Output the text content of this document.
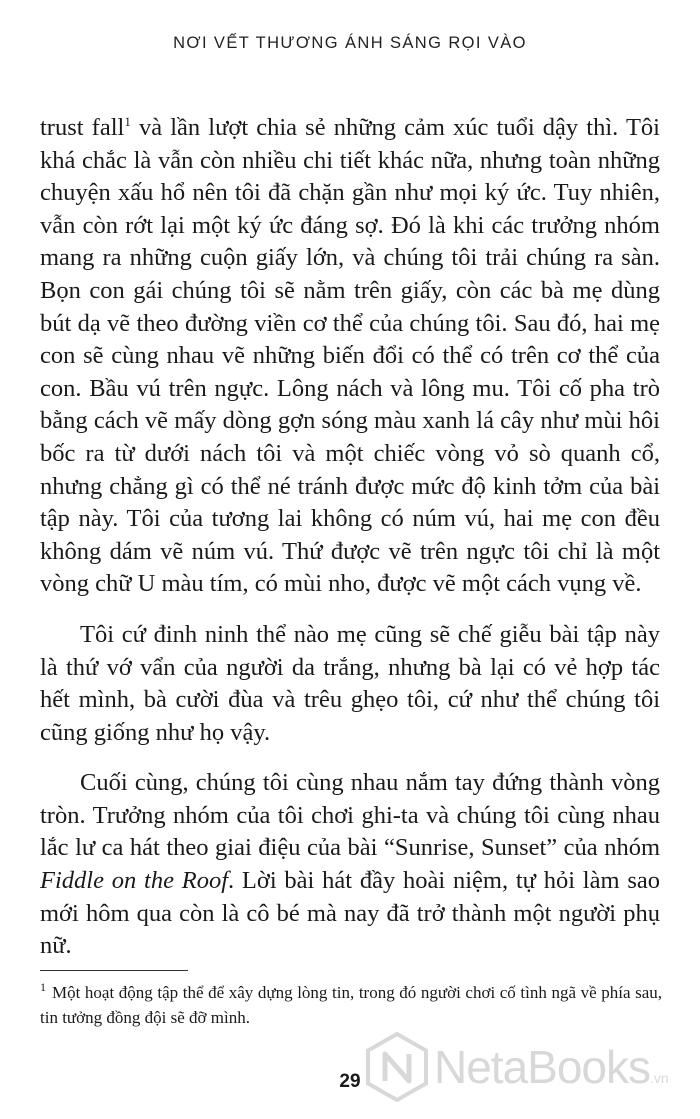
NƠI VẾT THƯƠNG ÁNH SÁNG RỌI VÀO

trust fall$^1$ và lần lượt chia sẻ những cảm xúc tuổi dậy thì. Tôi khá chắc là vẫn còn nhiều chi tiết khác nữa, nhưng toàn những chuyện xấu hổ nên tôi đã chặn gần như mọi ký ức. Tuy nhiên, vẫn còn rớt lại một ký ức đáng sợ. Đó là khi các trưởng nhóm mang ra những cuộn giấy lớn, và chúng tôi trải chúng ra sàn. Bọn con gái chúng tôi sẽ nằm trên giấy, còn các bà mẹ dùng bút dạ vẽ theo đường viền cơ thể của chúng tôi. Sau đó, hai mẹ con sẽ cùng nhau vẽ những biến đổi có thể có trên cơ thể của con. Bầu vú trên ngực. Lông nách và lông mu. Tôi cố pha trò bằng cách vẽ mấy dòng gợn sóng màu xanh lá cây như mùi hôi bốc ra từ dưới nách tôi và một chiếc vòng vỏ sò quanh cổ, nhưng chẳng gì có thể né tránh được mức độ kinh tởm của bài tập này. Tôi của tương lai không có núm vú, hai mẹ con đều không dám vẽ núm vú. Thứ được vẽ trên ngực tôi chỉ là một vòng chữ U màu tím, có mùi nho, được vẽ một cách vụng về.

Tôi cứ đinh ninh thể nào mẹ cũng sẽ chế giễu bài tập này là thứ vớ vẩn của người da trắng, nhưng bà lại có vẻ hợp tác hết mình, bà cười đùa và trêu ghẹo tôi, cứ như thể chúng tôi cũng giống như họ vậy.

Cuối cùng, chúng tôi cùng nhau nắm tay đứng thành vòng tròn. Trưởng nhóm của tôi chơi ghi-ta và chúng tôi cùng nhau lắc lư ca hát theo giai điệu của bài “Sunrise, Sunset” của nhóm Fiddle on the Roof. Lời bài hát đầy hoài niệm, tự hỏi làm sao mới hôm qua còn là cô bé mà nay đã trở thành một người phụ nữ.

$^1$ Một hoạt động tập thể để xây dựng lòng tin, trong đó người chơi cố tình ngã về phía sau, tin tưởng đồng đội sẽ đỡ mình.
NetaBooks.vn
29
